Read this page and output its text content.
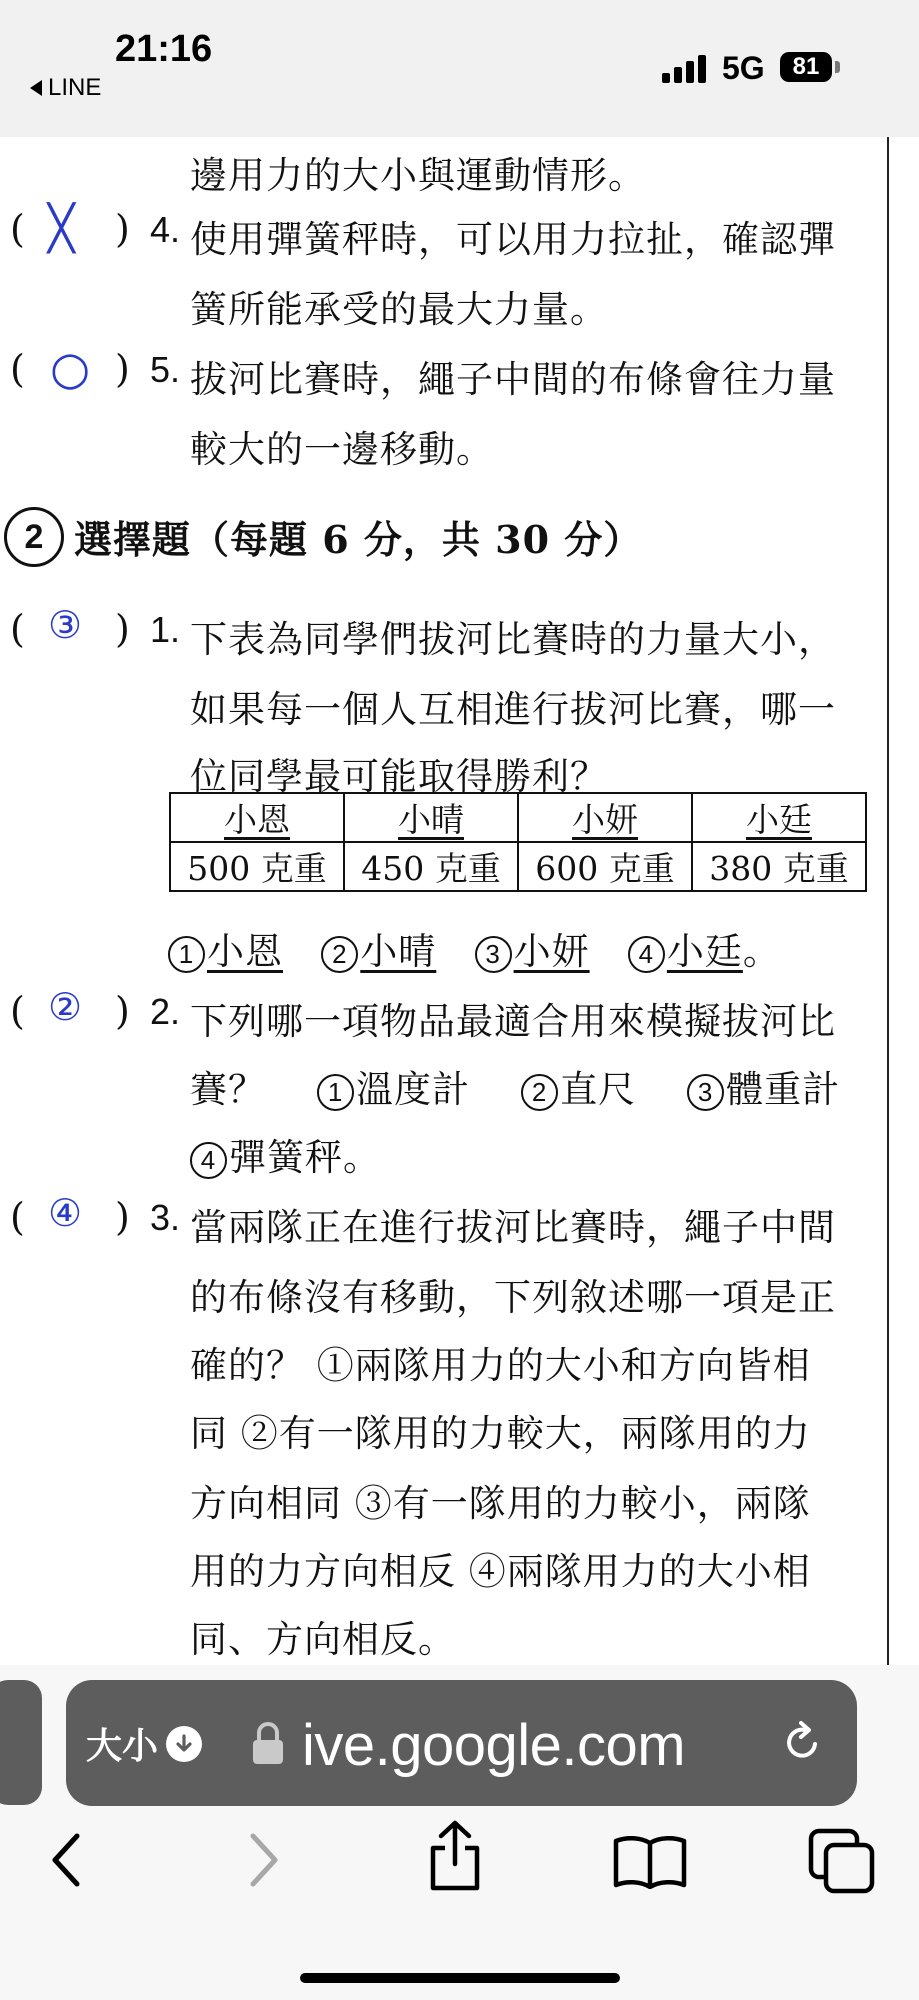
21:16
LINE
5G 81
邊用力的大小與運動情形。
( ╳ ) 4. 使用彈簧秤時，可以用力拉扯，確認彈
簧所能承受的最大力量。
( ○ ) 5. 拔河比賽時，繩子中間的布條會往力量
較大的一邊移動。
2 選擇題（每題 6 分，共 30 分）
( ③ ) 1. 下表為同學們拔河比賽時的力量大小，
如果每一個人互相進行拔河比賽，哪一
位同學最可能取得勝利？
小恩	小晴	小妍	小廷
500 克重	450 克重	600 克重	380 克重
1 小恩 2 小晴 3 小妍 4 小廷。
( ② ) 2. 下列哪一項物品最適合用來模擬拔河比
賽？ 1 溫度計 2 直尺 3 體重計
4 彈簧秤。
( ④ ) 3. 當兩隊正在進行拔河比賽時，繩子中間
的布條沒有移動，下列敘述哪一項是正
確的？ ①兩隊用力的大小和方向皆相
同 ②有一隊用的力較大，兩隊用的力
方向相同 ③有一隊用的力較小，兩隊
用的力方向相反 ④兩隊用力的大小相
同、方向相反。
大小 ive.google.com
